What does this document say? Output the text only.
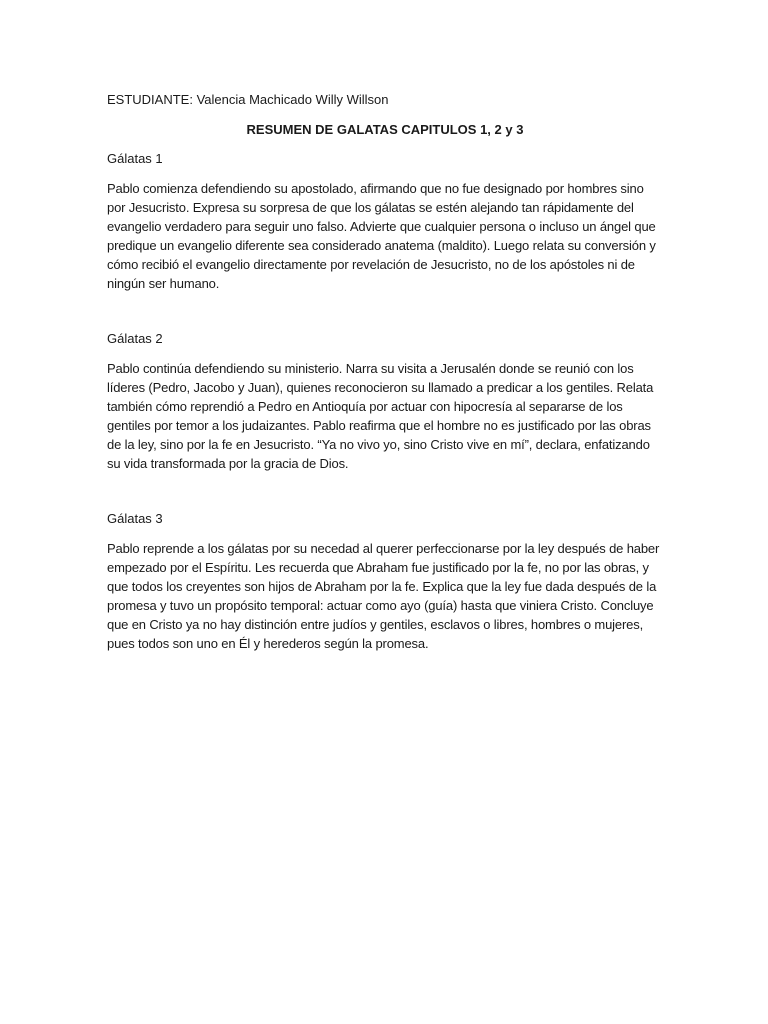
ESTUDIANTE: Valencia Machicado Willy Willson

RESUMEN DE GALATAS CAPITULOS 1, 2 y 3

Gálatas 1

Pablo comienza defendiendo su apostolado, afirmando que no fue designado por hombres sino por Jesucristo. Expresa su sorpresa de que los gálatas se estén alejando tan rápidamente del evangelio verdadero para seguir uno falso. Advierte que cualquier persona o incluso un ángel que predique un evangelio diferente sea considerado anatema (maldito). Luego relata su conversión y cómo recibió el evangelio directamente por revelación de Jesucristo, no de los apóstoles ni de ningún ser humano.

Gálatas 2

Pablo continúa defendiendo su ministerio. Narra su visita a Jerusalén donde se reunió con los líderes (Pedro, Jacobo y Juan), quienes reconocieron su llamado a predicar a los gentiles. Relata también cómo reprendió a Pedro en Antioquía por actuar con hipocresía al separarse de los gentiles por temor a los judaizantes. Pablo reafirma que el hombre no es justificado por las obras de la ley, sino por la fe en Jesucristo. “Ya no vivo yo, sino Cristo vive en mí”, declara, enfatizando su vida transformada por la gracia de Dios.

Gálatas 3

Pablo reprende a los gálatas por su necedad al querer perfeccionarse por la ley después de haber empezado por el Espíritu. Les recuerda que Abraham fue justificado por la fe, no por las obras, y que todos los creyentes son hijos de Abraham por la fe. Explica que la ley fue dada después de la promesa y tuvo un propósito temporal: actuar como ayo (guía) hasta que viniera Cristo. Concluye que en Cristo ya no hay distinción entre judíos y gentiles, esclavos o libres, hombres o mujeres, pues todos son uno en Él y herederos según la promesa.
